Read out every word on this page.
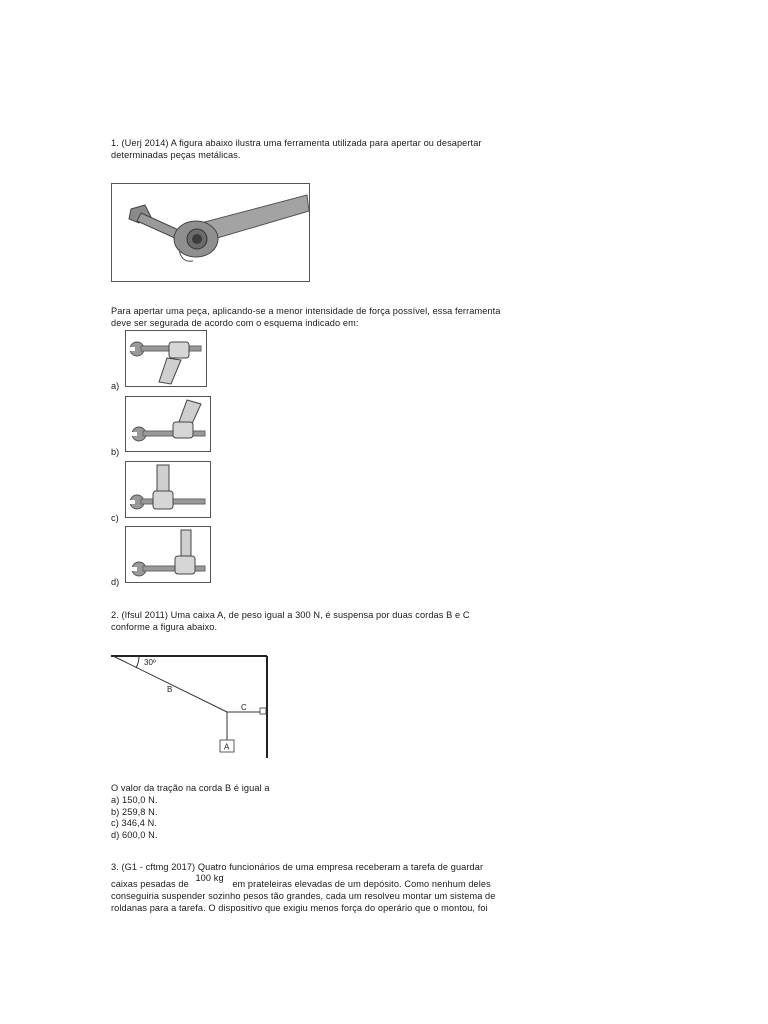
1. (Uerj 2014) A figura abaixo ilustra uma ferramenta utilizada para apertar ou desapertar
determinadas peças metálicas.
Para apertar uma peça, aplicando-se a menor intensidade de força possível, essa ferramenta
deve ser segurada de acordo com o esquema indicado em:
a)
b)
c)
d)
2. (Ifsul 2011) Uma caixa A, de peso igual a 300 N, é suspensa por duas cordas B e C
conforme a figura abaixo.
30º
B
C
A
O valor da tração na corda B é igual a
a) 150,0 N.
b) 259,8 N.
c) 346,4 N.
d) 600,0 N.
3. (G1 - cftmg 2017) Quatro funcionários de uma empresa receberam a tarefa de guardar
caixas pesadas de 100 kg em prateleiras elevadas de um depósito. Como nenhum deles
conseguiria suspender sozinho pesos tão grandes, cada um resolveu montar um sistema de
roldanas para a tarefa. O dispositivo que exigiu menos força do operário que o montou, foi
